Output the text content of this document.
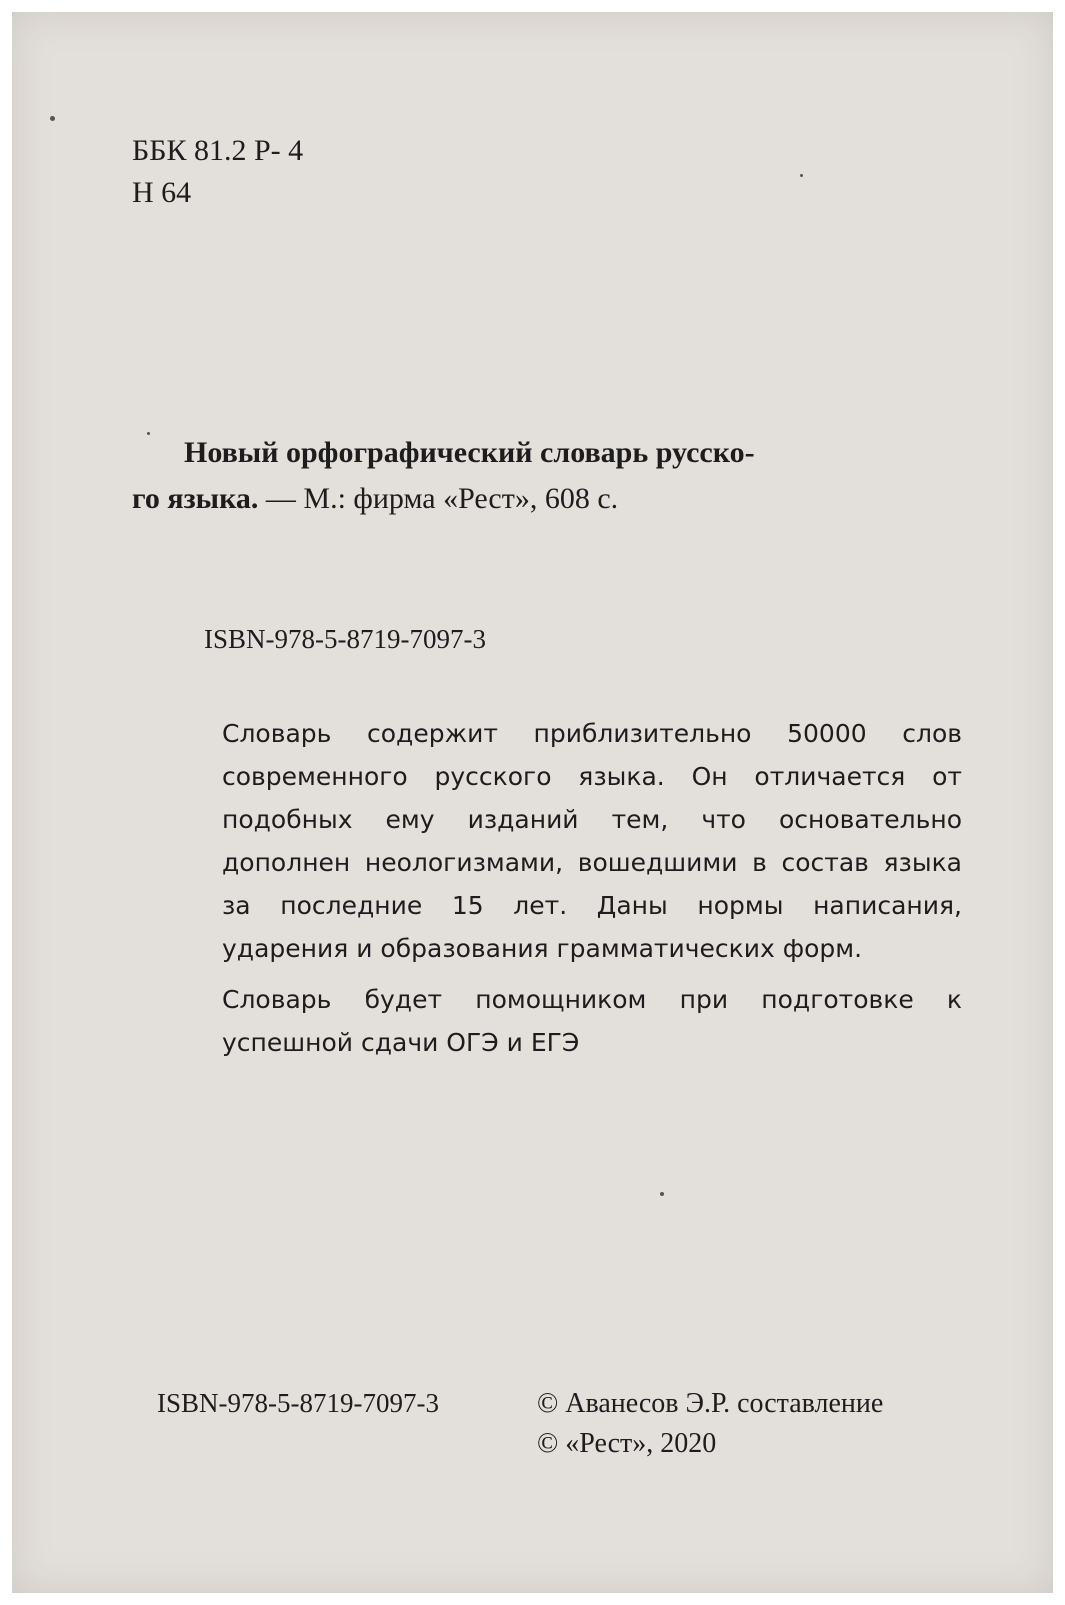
ББК 81.2 Р- 4
Н 64
Новый орфографический словарь русско-
го языка. — М.: фирма «Рест», 608 с.
ISBN-978-5-8719-7097-3

Словарь содержит приблизительно 50000 слов современного русского языка. Он отличается от подобных ему изданий тем, что основательно дополнен неологизмами, вошедшими в состав языка за последние 15 лет. Даны нормы написания, ударения и образования грамматических форм.

Словарь будет помощником при подготовке к успешной сдачи ОГЭ и ЕГЭ

ISBN-978-5-8719-7097-3	© Аванесов Э.Р. составление
© «Рест», 2020
